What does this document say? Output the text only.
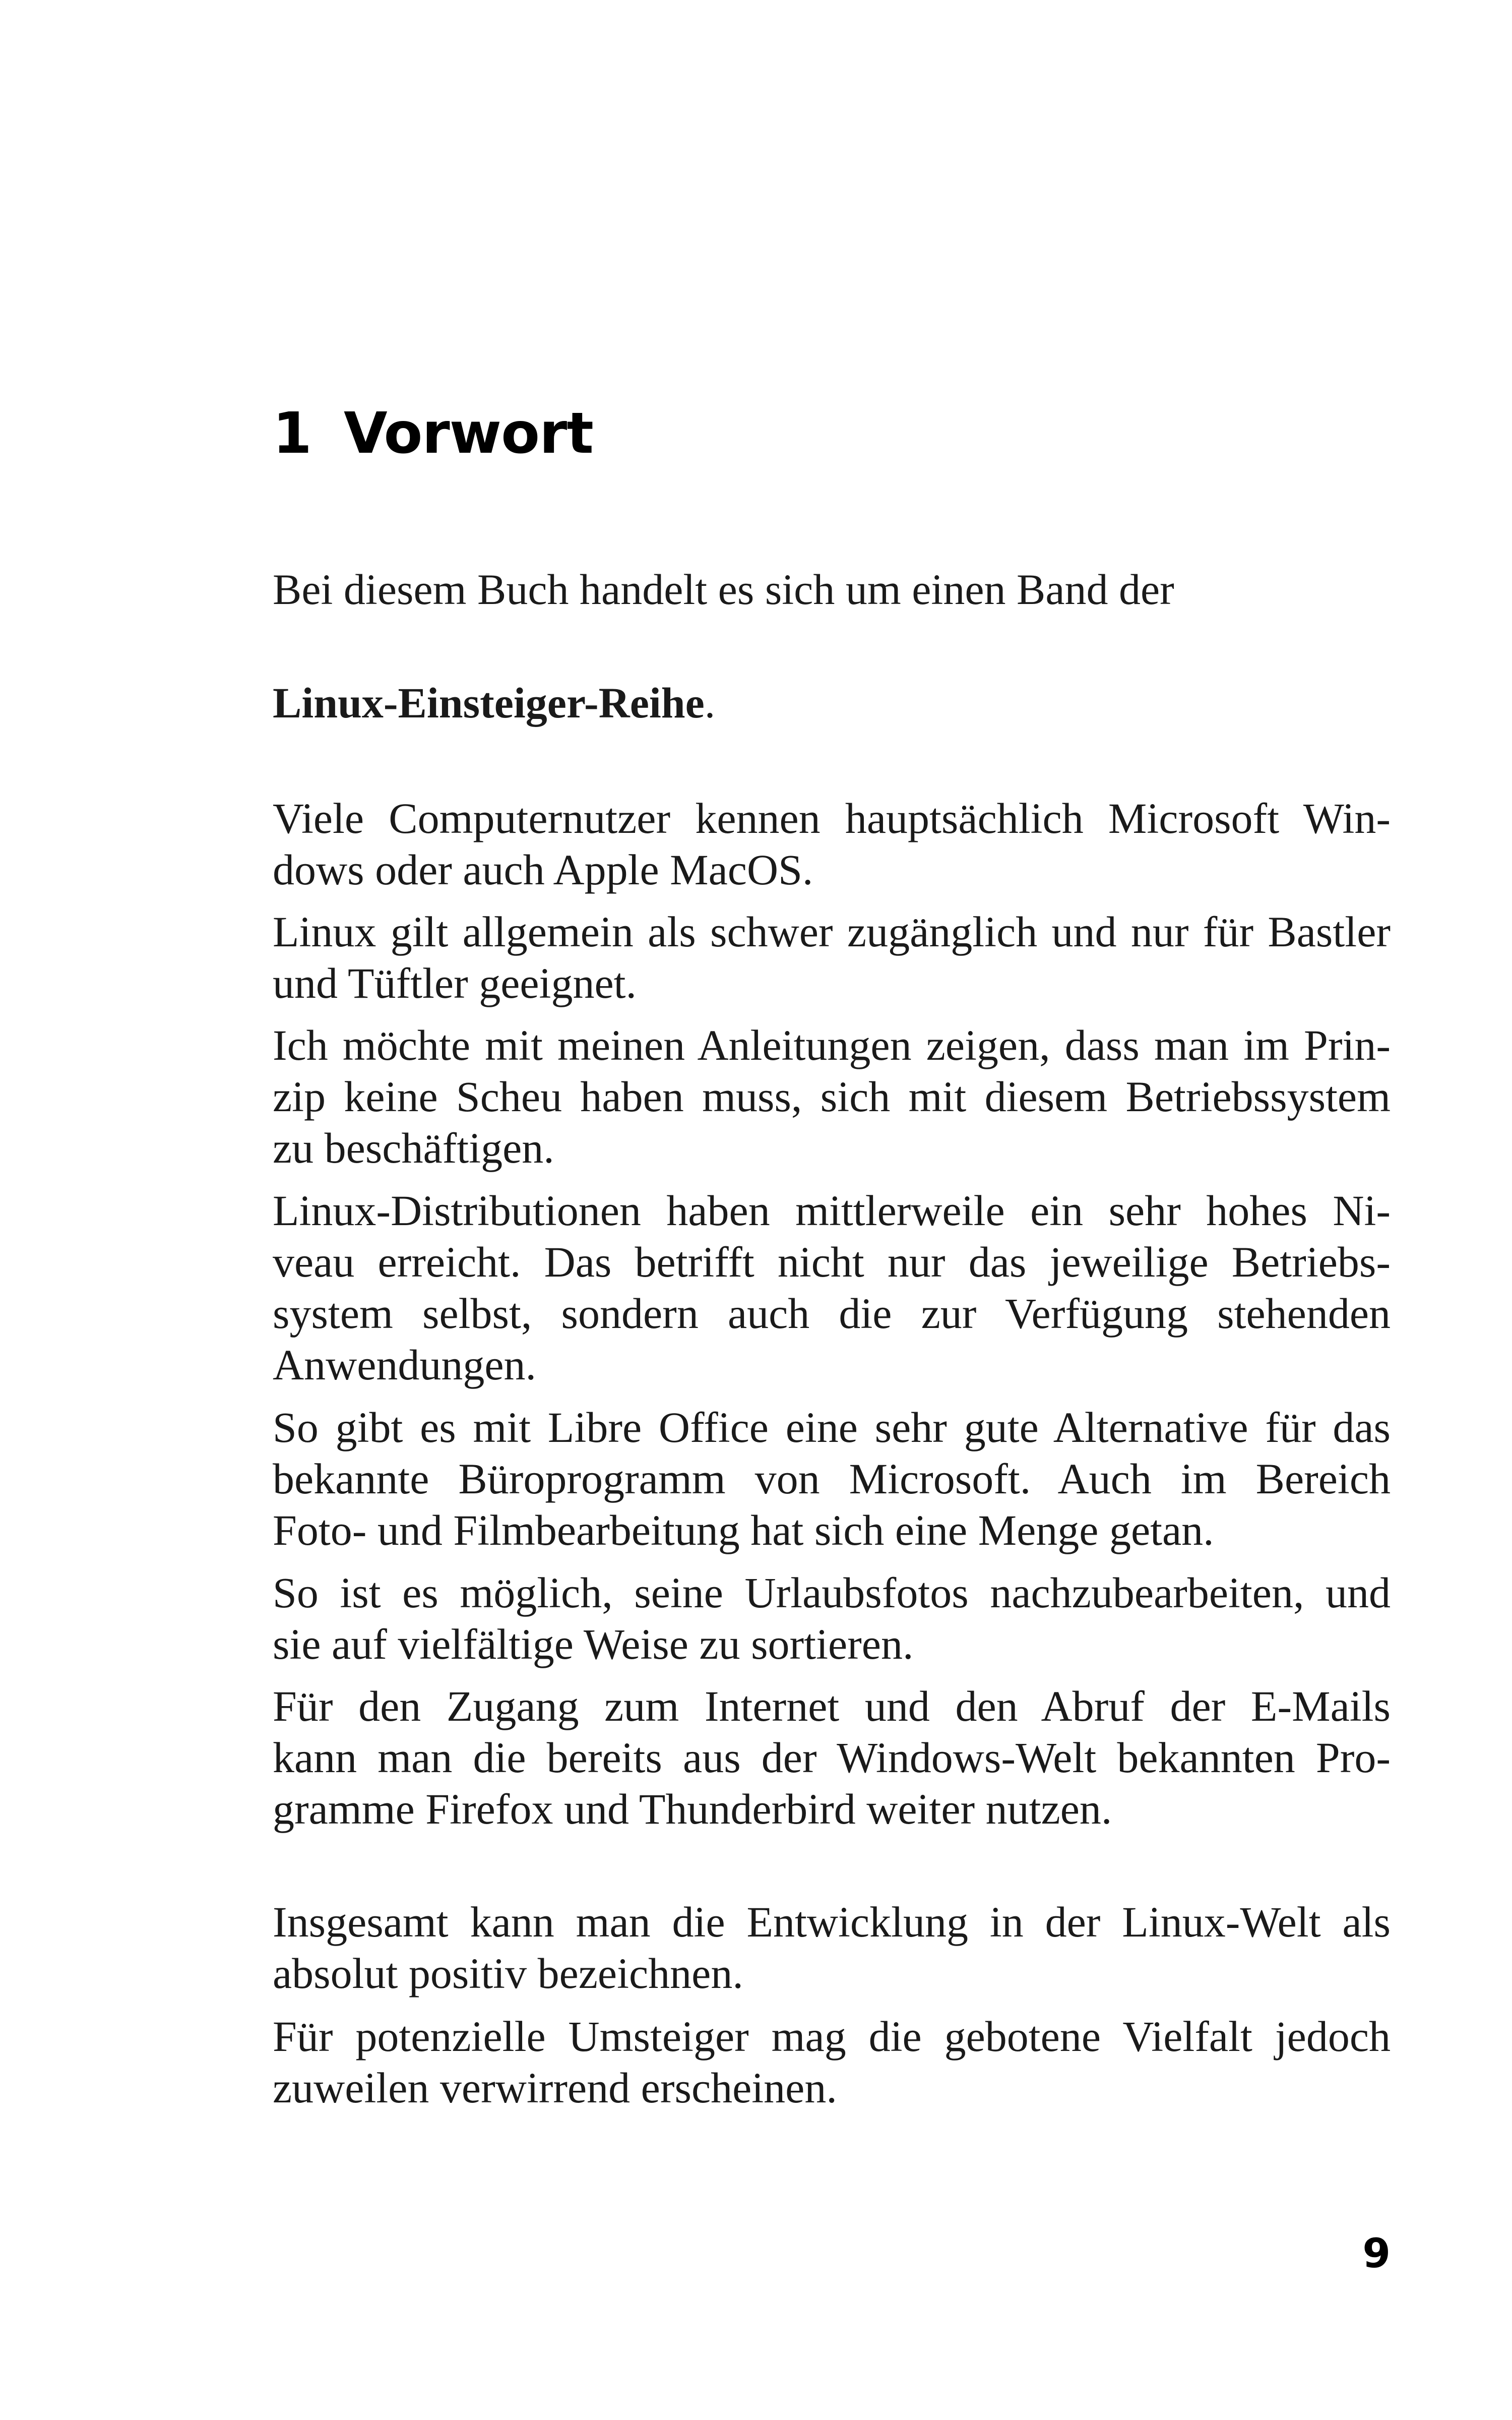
1 Vorwort

Bei diesem Buch handelt es sich um einen Band der

Linux-Einsteiger-Reihe.

Viele Computernutzer kennen hauptsächlich Microsoft Win-
dows oder auch Apple MacOS.

Linux gilt allgemein als schwer zugänglich und nur für Bastler
und Tüftler geeignet.

Ich möchte mit meinen Anleitungen zeigen, dass man im Prin-
zip keine Scheu haben muss, sich mit diesem Betriebssystem
zu beschäftigen.

Linux-Distributionen haben mittlerweile ein sehr hohes Ni-
veau erreicht. Das betrifft nicht nur das jeweilige Betriebs-
system selbst, sondern auch die zur Verfügung stehenden
Anwendungen.

So gibt es mit Libre Office eine sehr gute Alternative für das
bekannte Büroprogramm von Microsoft. Auch im Bereich
Foto- und Filmbearbeitung hat sich eine Menge getan.

So ist es möglich, seine Urlaubsfotos nachzubearbeiten, und
sie auf vielfältige Weise zu sortieren.

Für den Zugang zum Internet und den Abruf der E-Mails
kann man die bereits aus der Windows-Welt bekannten Pro-
gramme Firefox und Thunderbird weiter nutzen.

Insgesamt kann man die Entwicklung in der Linux-Welt als
absolut positiv bezeichnen.

Für potenzielle Umsteiger mag die gebotene Vielfalt jedoch
zuweilen verwirrend erscheinen.

9
